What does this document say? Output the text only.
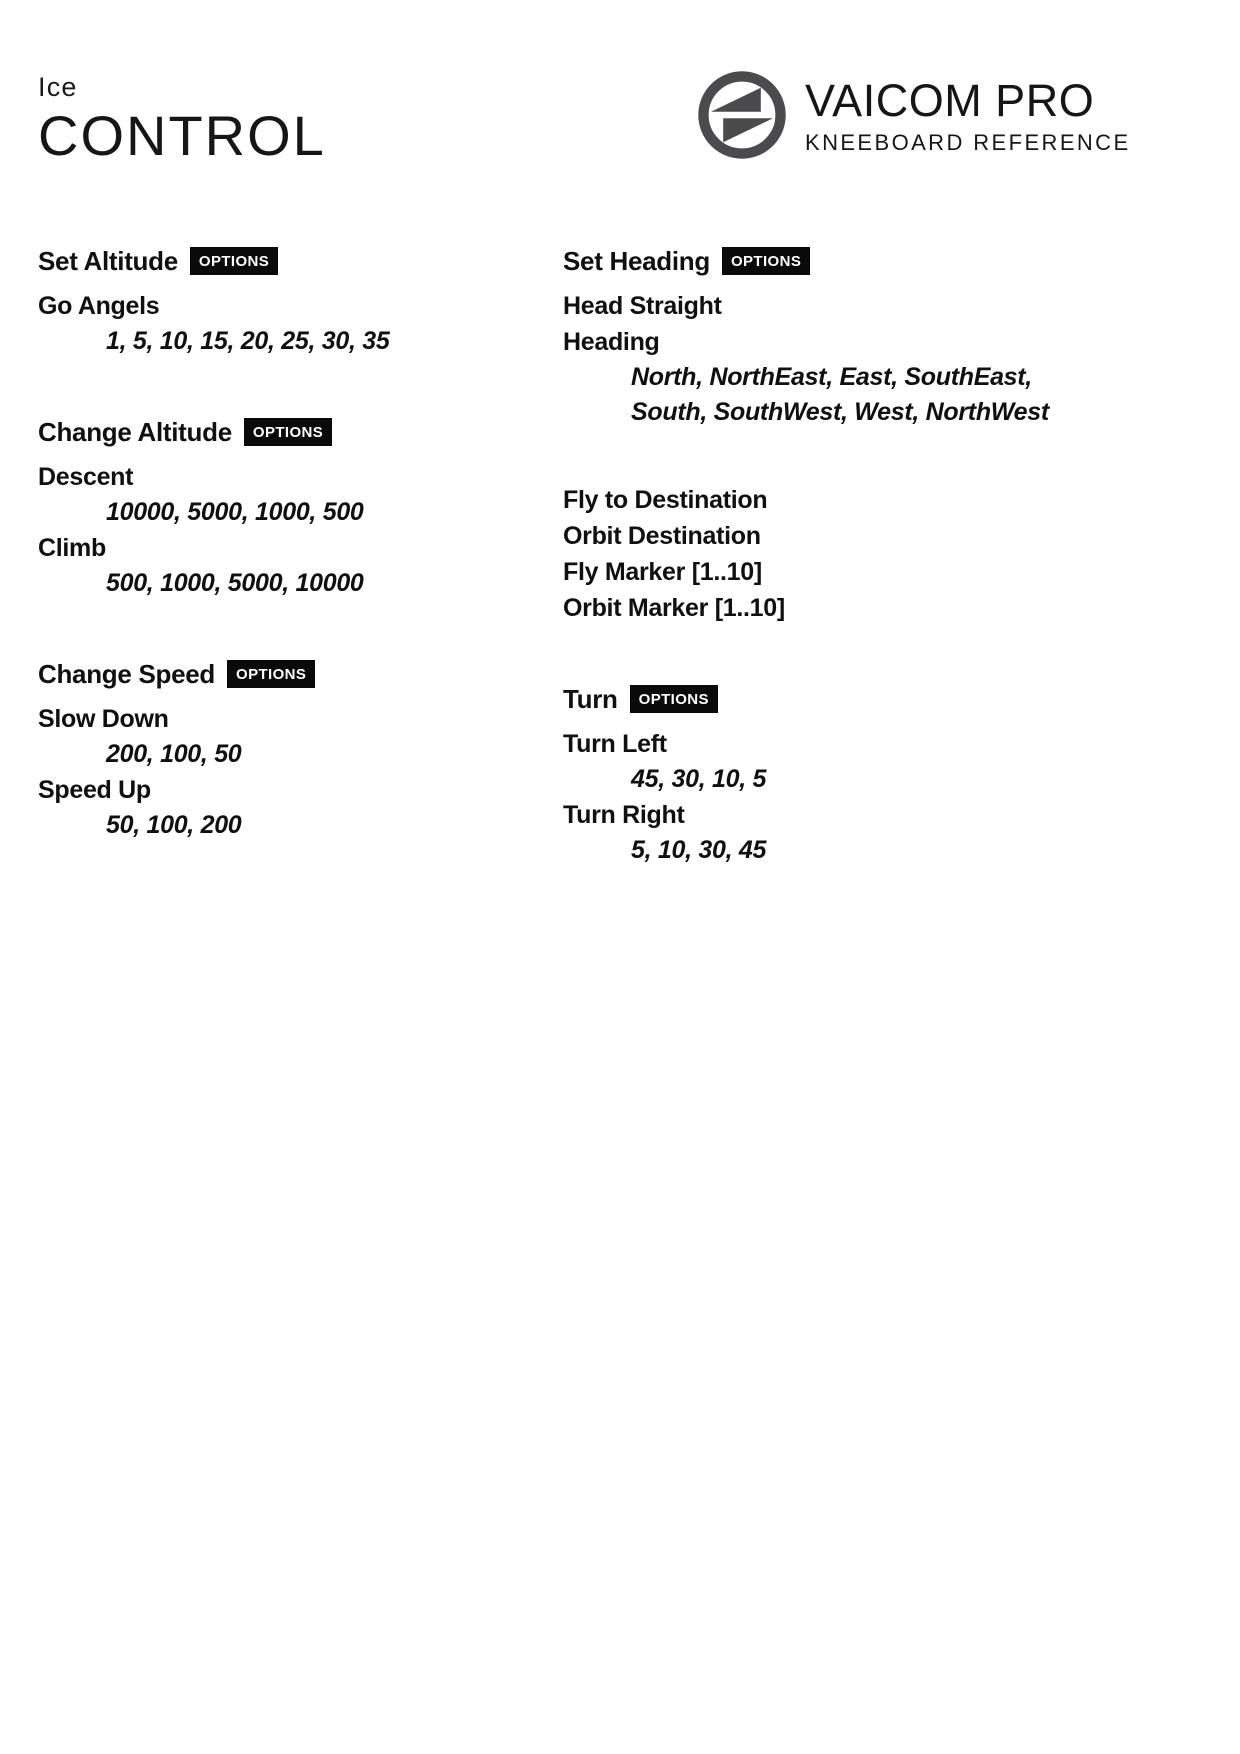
Ice
CONTROL
VAICOM PRO
KNEEBOARD REFERENCE
Set Altitude	OPTIONS
Go Angels
1, 5, 10, 15, 20, 25, 30, 35
Change Altitude	OPTIONS
Descent
10000, 5000, 1000, 500
Climb
500, 1000, 5000, 10000
Change Speed	OPTIONS
Slow Down
200, 100, 50
Speed Up
50, 100, 200
Set Heading	OPTIONS
Head Straight
Heading
North, NorthEast, East, SouthEast, South, SouthWest, West, NorthWest
Fly to Destination
Orbit Destination
Fly Marker [1..10]
Orbit Marker [1..10]
Turn	OPTIONS
Turn Left
45, 30, 10, 5
Turn Right
5, 10, 30, 45
